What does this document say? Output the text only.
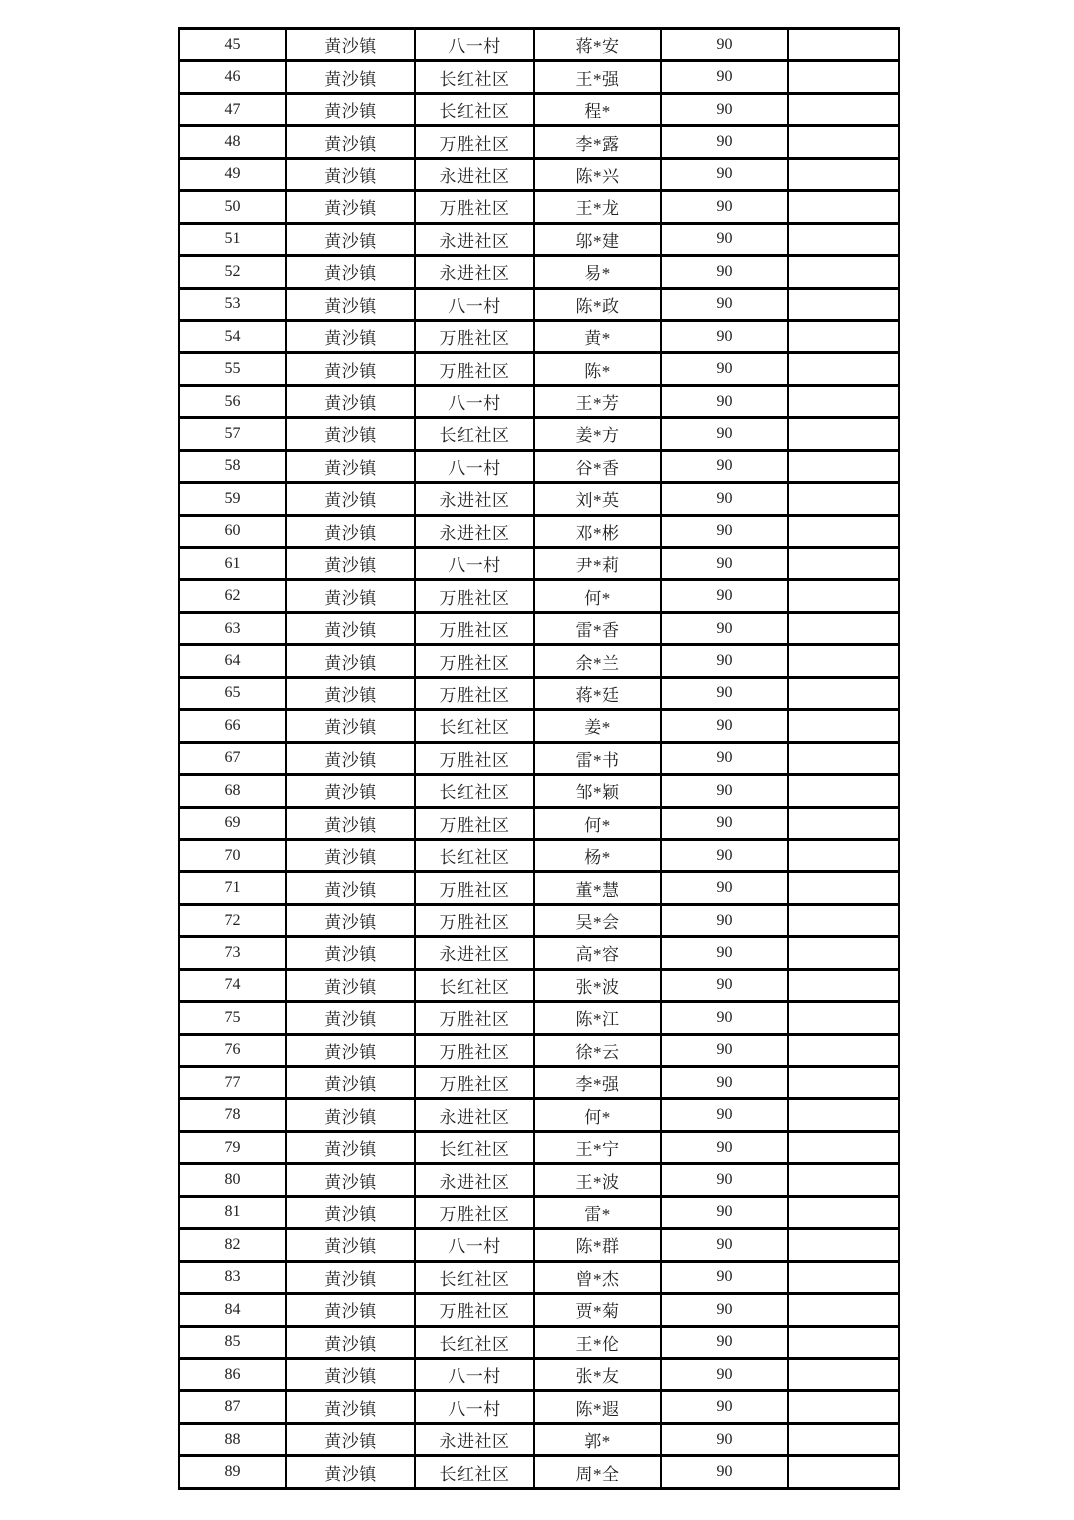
45	黄沙镇	八一村	蒋*安	90	
46	黄沙镇	长红社区	王*强	90	
47	黄沙镇	长红社区	程*	90	
48	黄沙镇	万胜社区	李*露	90	
49	黄沙镇	永进社区	陈*兴	90	
50	黄沙镇	万胜社区	王*龙	90	
51	黄沙镇	永进社区	邬*建	90	
52	黄沙镇	永进社区	易*	90	
53	黄沙镇	八一村	陈*政	90	
54	黄沙镇	万胜社区	黄*	90	
55	黄沙镇	万胜社区	陈*	90	
56	黄沙镇	八一村	王*芳	90	
57	黄沙镇	长红社区	姜*方	90	
58	黄沙镇	八一村	谷*香	90	
59	黄沙镇	永进社区	刘*英	90	
60	黄沙镇	永进社区	邓*彬	90	
61	黄沙镇	八一村	尹*莉	90	
62	黄沙镇	万胜社区	何*	90	
63	黄沙镇	万胜社区	雷*香	90	
64	黄沙镇	万胜社区	余*兰	90	
65	黄沙镇	万胜社区	蒋*廷	90	
66	黄沙镇	长红社区	姜*	90	
67	黄沙镇	万胜社区	雷*书	90	
68	黄沙镇	长红社区	邹*颖	90	
69	黄沙镇	万胜社区	何*	90	
70	黄沙镇	长红社区	杨*	90	
71	黄沙镇	万胜社区	董*慧	90	
72	黄沙镇	万胜社区	吴*会	90	
73	黄沙镇	永进社区	高*容	90	
74	黄沙镇	长红社区	张*波	90	
75	黄沙镇	万胜社区	陈*江	90	
76	黄沙镇	万胜社区	徐*云	90	
77	黄沙镇	万胜社区	李*强	90	
78	黄沙镇	永进社区	何*	90	
79	黄沙镇	长红社区	王*宁	90	
80	黄沙镇	永进社区	王*波	90	
81	黄沙镇	万胜社区	雷*	90	
82	黄沙镇	八一村	陈*群	90	
83	黄沙镇	长红社区	曾*杰	90	
84	黄沙镇	万胜社区	贾*菊	90	
85	黄沙镇	长红社区	王*伦	90	
86	黄沙镇	八一村	张*友	90	
87	黄沙镇	八一村	陈*遐	90	
88	黄沙镇	永进社区	郭*	90	
89	黄沙镇	长红社区	周*全	90	
